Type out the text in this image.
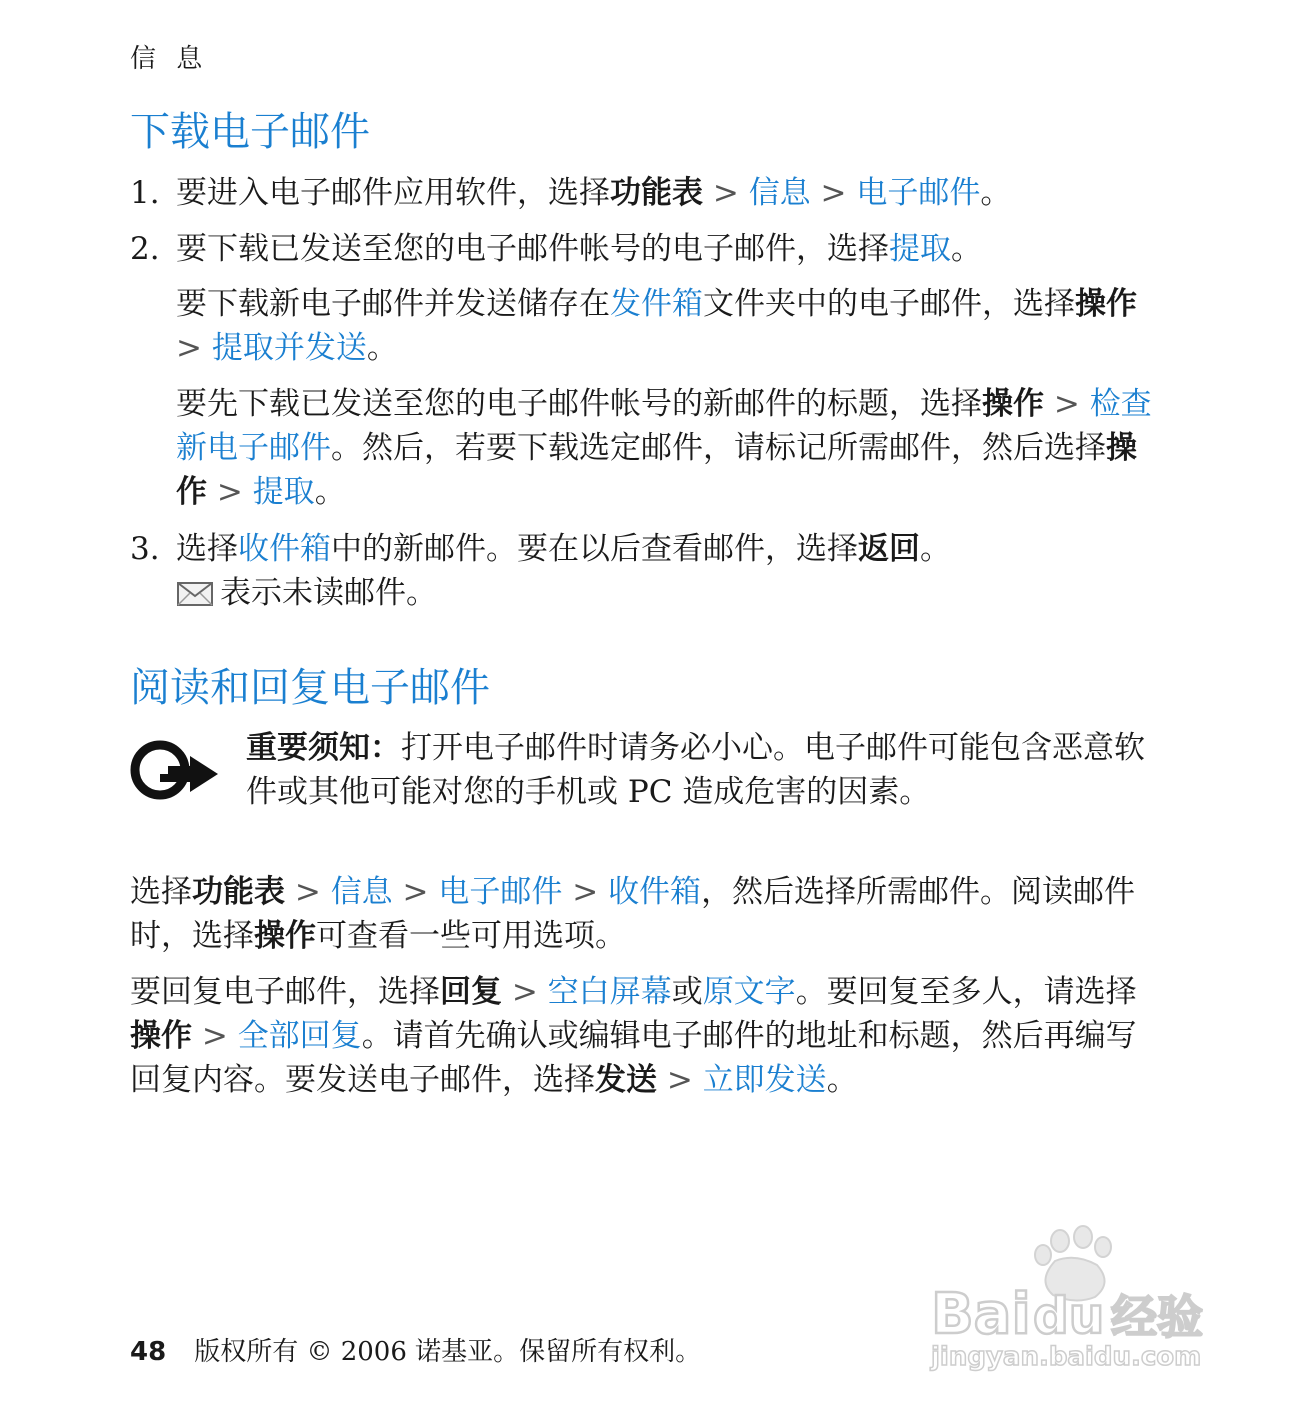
信 息
下载电子邮件
1. 要进入电子邮件应用软件，选择功能表 > 信息 > 电子邮件。

2. 要下载已发送至您的电子邮件帐号的电子邮件，选择提取。

要下载新电子邮件并发送储存在发件箱文件夹中的电子邮件，选择操作 > 提取并发送。

要先下载已发送至您的电子邮件帐号的新邮件的标题，选择操作 > 检查新电子邮件。然后，若要下载选定邮件，请标记所需邮件，然后选择操作 > 提取。

3. 选择收件箱中的新邮件。要在以后查看邮件，选择返回。

表示未读邮件。

阅读和回复电子邮件

重要须知：打开电子邮件时请务必小心。电子邮件可能包含恶意软件或其他可能对您的手机或 PC 造成危害的因素。

选择功能表 > 信息 > 电子邮件 > 收件箱，然后选择所需邮件。阅读邮件时，选择操作可查看一些可用选项。

要回复电子邮件，选择回复 > 空白屏幕或原文字。要回复至多人，请选择操作 > 全部回复。请首先确认或编辑电子邮件的地址和标题，然后再编写回复内容。要发送电子邮件，选择发送 > 立即发送。

48 版权所有 © 2006 诺基亚。保留所有权利。
Bai du 经验
jingyan.baidu.com
